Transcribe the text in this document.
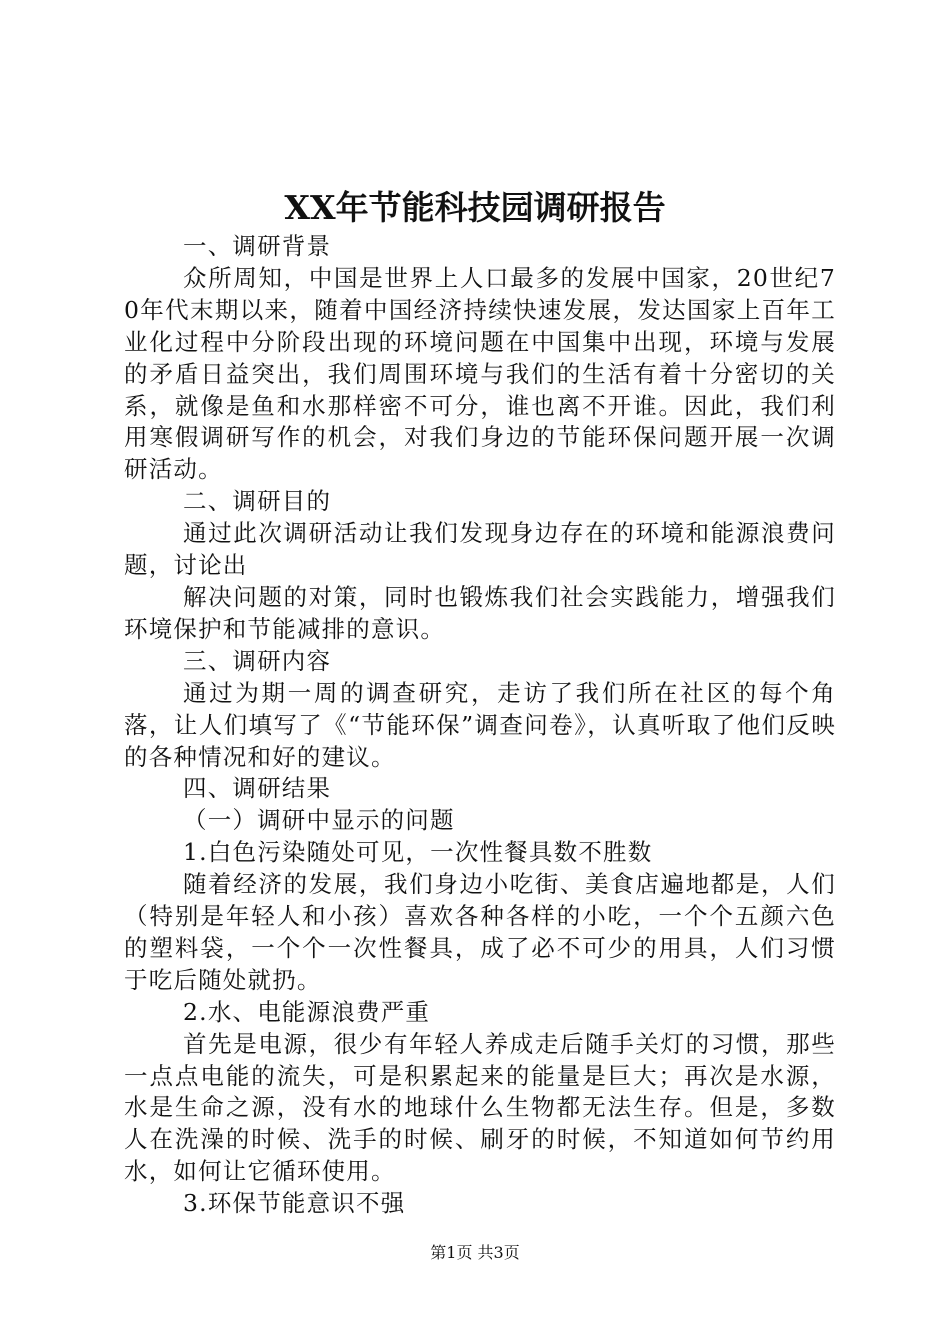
XX年节能科技园调研报告

一、调研背景

众所周知，中国是世界上人口最多的发展中国家，20世纪70年代末期以来，随着中国经济持续快速发展，发达国家上百年工业化过程中分阶段出现的环境问题在中国集中出现，环境与发展的矛盾日益突出，我们周围环境与我们的生活有着十分密切的关系，就像是鱼和水那样密不可分，谁也离不开谁。因此，我们利用寒假调研写作的机会，对我们身边的节能环保问题开展一次调研活动。

二、调研目的

通过此次调研活动让我们发现身边存在的环境和能源浪费问题，讨论出

解决问题的对策，同时也锻炼我们社会实践能力，增强我们环境保护和节能减排的意识。

三、调研内容

通过为期一周的调查研究，走访了我们所在社区的每个角落，让人们填写了《“节能环保”调查问卷》，认真听取了他们反映的各种情况和好的建议。

四、调研结果

（一）调研中显示的问题

1.白色污染随处可见，一次性餐具数不胜数

随着经济的发展，我们身边小吃街、美食店遍地都是，人们（特别是年轻人和小孩）喜欢各种各样的小吃，一个个五颜六色的塑料袋，一个个一次性餐具，成了必不可少的用具，人们习惯于吃后随处就扔。

2.水、电能源浪费严重

首先是电源，很少有年轻人养成走后随手关灯的习惯，那些一点点电能的流失，可是积累起来的能量是巨大；再次是水源，水是生命之源，没有水的地球什么生物都无法生存。但是，多数人在洗澡的时候、洗手的时候、刷牙的时候，不知道如何节约用水，如何让它循环使用。

3.环保节能意识不强

第1页 共3页
